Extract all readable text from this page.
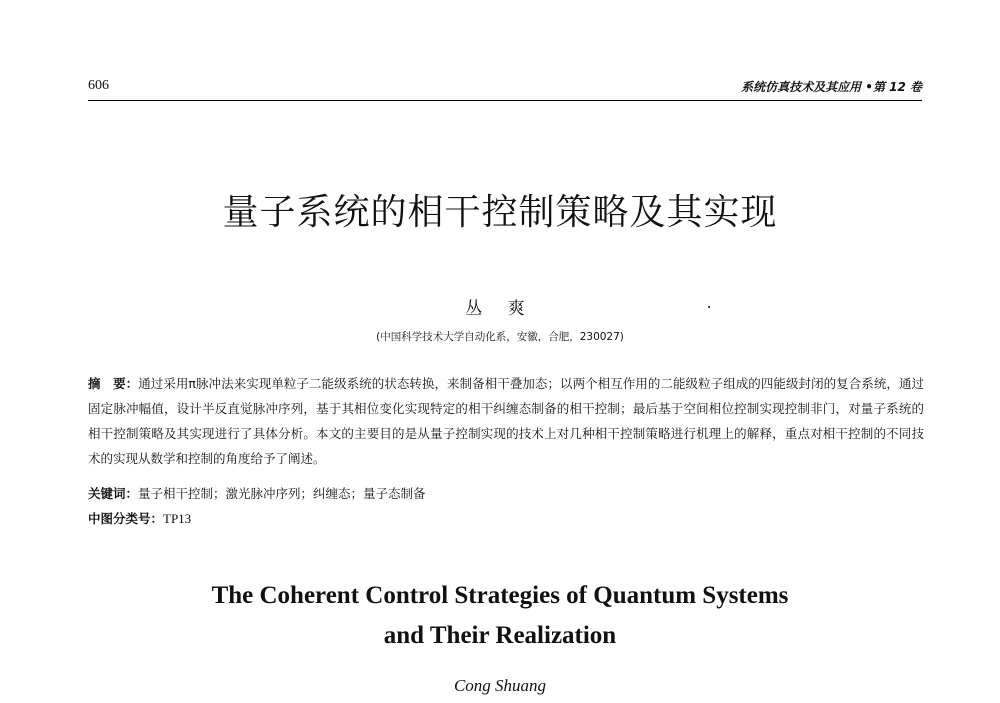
606	系统仿真技术及其应用 •第 12 卷
量子系统的相干控制策略及其实现
丛 爽
(中国科学技术大学自动化系，安徽，合肥，230027)
摘　要：通过采用π脉冲法来实现单粒子二能级系统的状态转换，来制备相干叠加态；以两个相互作用的二能级粒子组成的四能级封闭的复合系统，通过固定脉冲幅值，设计半反直觉脉冲序列，基于其相位变化实现特定的相干纠缠态制备的相干控制；最后基于空间相位控制实现控制非门，对量子系统的相干控制策略及其实现进行了具体分析。本文的主要目的是从量子控制实现的技术上对几种相干控制策略进行机理上的解释，重点对相干控制的不同技术的实现从数学和控制的角度给予了阐述。
关键词：量子相干控制；激光脉冲序列；纠缠态；量子态制备
中图分类号：TP13
The Coherent Control Strategies of Quantum Systems
and Their Realization
Cong Shuang
